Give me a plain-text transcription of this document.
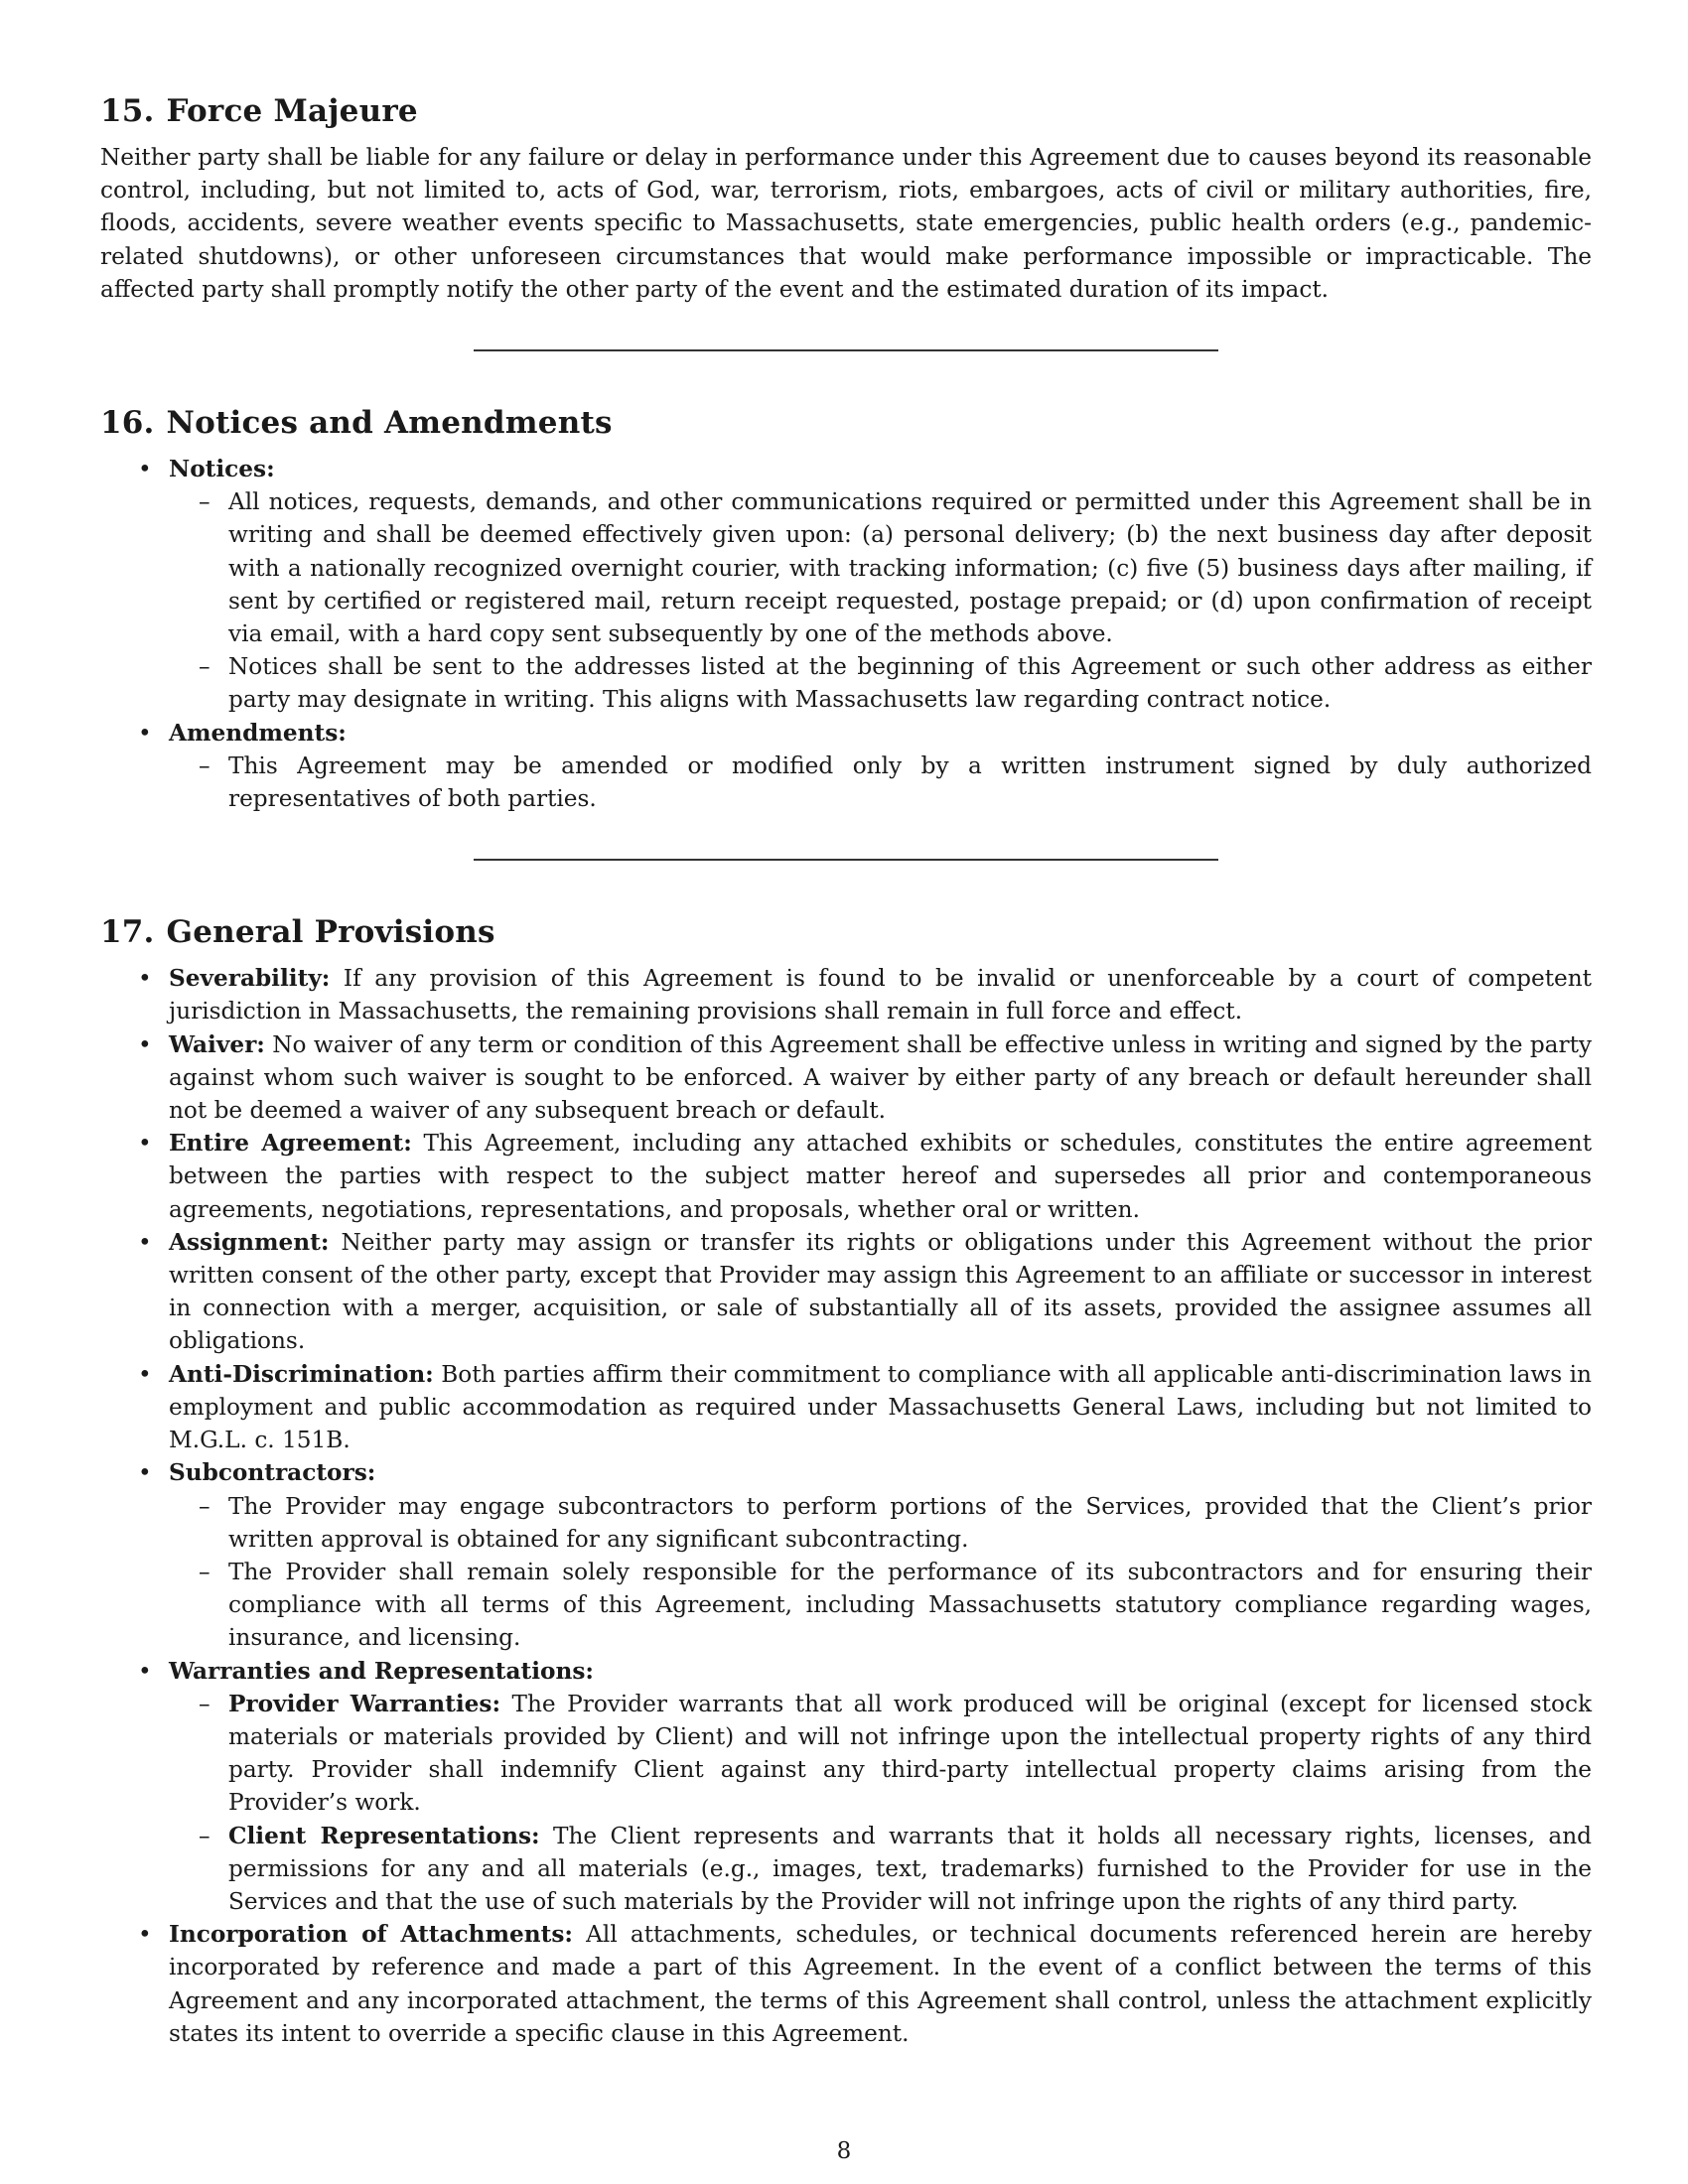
15. Force Majeure

Neither party shall be liable for any failure or delay in performance under this Agreement due to causes beyond its reasonable control, including, but not limited to, acts of God, war, terrorism, riots, embargoes, acts of civil or military authorities, fire, floods, accidents, severe weather events specific to Massachusetts, state emergencies, public health orders (e.g., pandemic-related shutdowns), or other unforeseen circumstances that would make performance impossible or impracticable. The affected party shall promptly notify the other party of the event and the estimated duration of its impact.

16. Notices and Amendments
• Notices:
– All notices, requests, demands, and other communications required or permitted under this Agreement shall be in writing and shall be deemed effectively given upon: (a) personal delivery; (b) the next business day after deposit with a nationally recognized overnight courier, with tracking information; (c) five (5) business days after mailing, if sent by certified or registered mail, return receipt requested, postage prepaid; or (d) upon confirmation of receipt via email, with a hard copy sent subsequently by one of the methods above.
– Notices shall be sent to the addresses listed at the beginning of this Agreement or such other address as either party may designate in writing. This aligns with Massachusetts law regarding contract notice.
• Amendments:
– This Agreement may be amended or modified only by a written instrument signed by duly authorized representatives of both parties.
17. General Provisions
• Severability: If any provision of this Agreement is found to be invalid or unenforceable by a court of competent jurisdiction in Massachusetts, the remaining provisions shall remain in full force and effect.
• Waiver: No waiver of any term or condition of this Agreement shall be effective unless in writing and signed by the party against whom such waiver is sought to be enforced. A waiver by either party of any breach or default hereunder shall not be deemed a waiver of any subsequent breach or default.
• Entire Agreement: This Agreement, including any attached exhibits or schedules, constitutes the entire agreement between the parties with respect to the subject matter hereof and supersedes all prior and contemporaneous agreements, negotiations, representations, and proposals, whether oral or written.
• Assignment: Neither party may assign or transfer its rights or obligations under this Agreement without the prior written consent of the other party, except that Provider may assign this Agreement to an affiliate or successor in interest in connection with a merger, acquisition, or sale of substantially all of its assets, provided the assignee assumes all obligations.
• Anti-Discrimination: Both parties affirm their commitment to compliance with all applicable anti-discrimination laws in employment and public accommodation as required under Massachusetts General Laws, including but not limited to M.G.L. c. 151B.
• Subcontractors:
– The Provider may engage subcontractors to perform portions of the Services, provided that the Client’s prior written approval is obtained for any significant subcontracting.
– The Provider shall remain solely responsible for the performance of its subcontractors and for ensuring their compliance with all terms of this Agreement, including Massachusetts statutory compliance regarding wages, insurance, and licensing.
• Warranties and Representations:
– Provider Warranties: The Provider warrants that all work produced will be original (except for licensed stock materials or materials provided by Client) and will not infringe upon the intellectual property rights of any third party. Provider shall indemnify Client against any third-party intellectual property claims arising from the Provider’s work.
– Client Representations: The Client represents and warrants that it holds all necessary rights, licenses, and permissions for any and all materials (e.g., images, text, trademarks) furnished to the Provider for use in the Services and that the use of such materials by the Provider will not infringe upon the rights of any third party.
• Incorporation of Attachments: All attachments, schedules, or technical documents referenced herein are hereby incorporated by reference and made a part of this Agreement. In the event of a conflict between the terms of this Agreement and any incorporated attachment, the terms of this Agreement shall control, unless the attachment explicitly states its intent to override a specific clause in this Agreement.
8
